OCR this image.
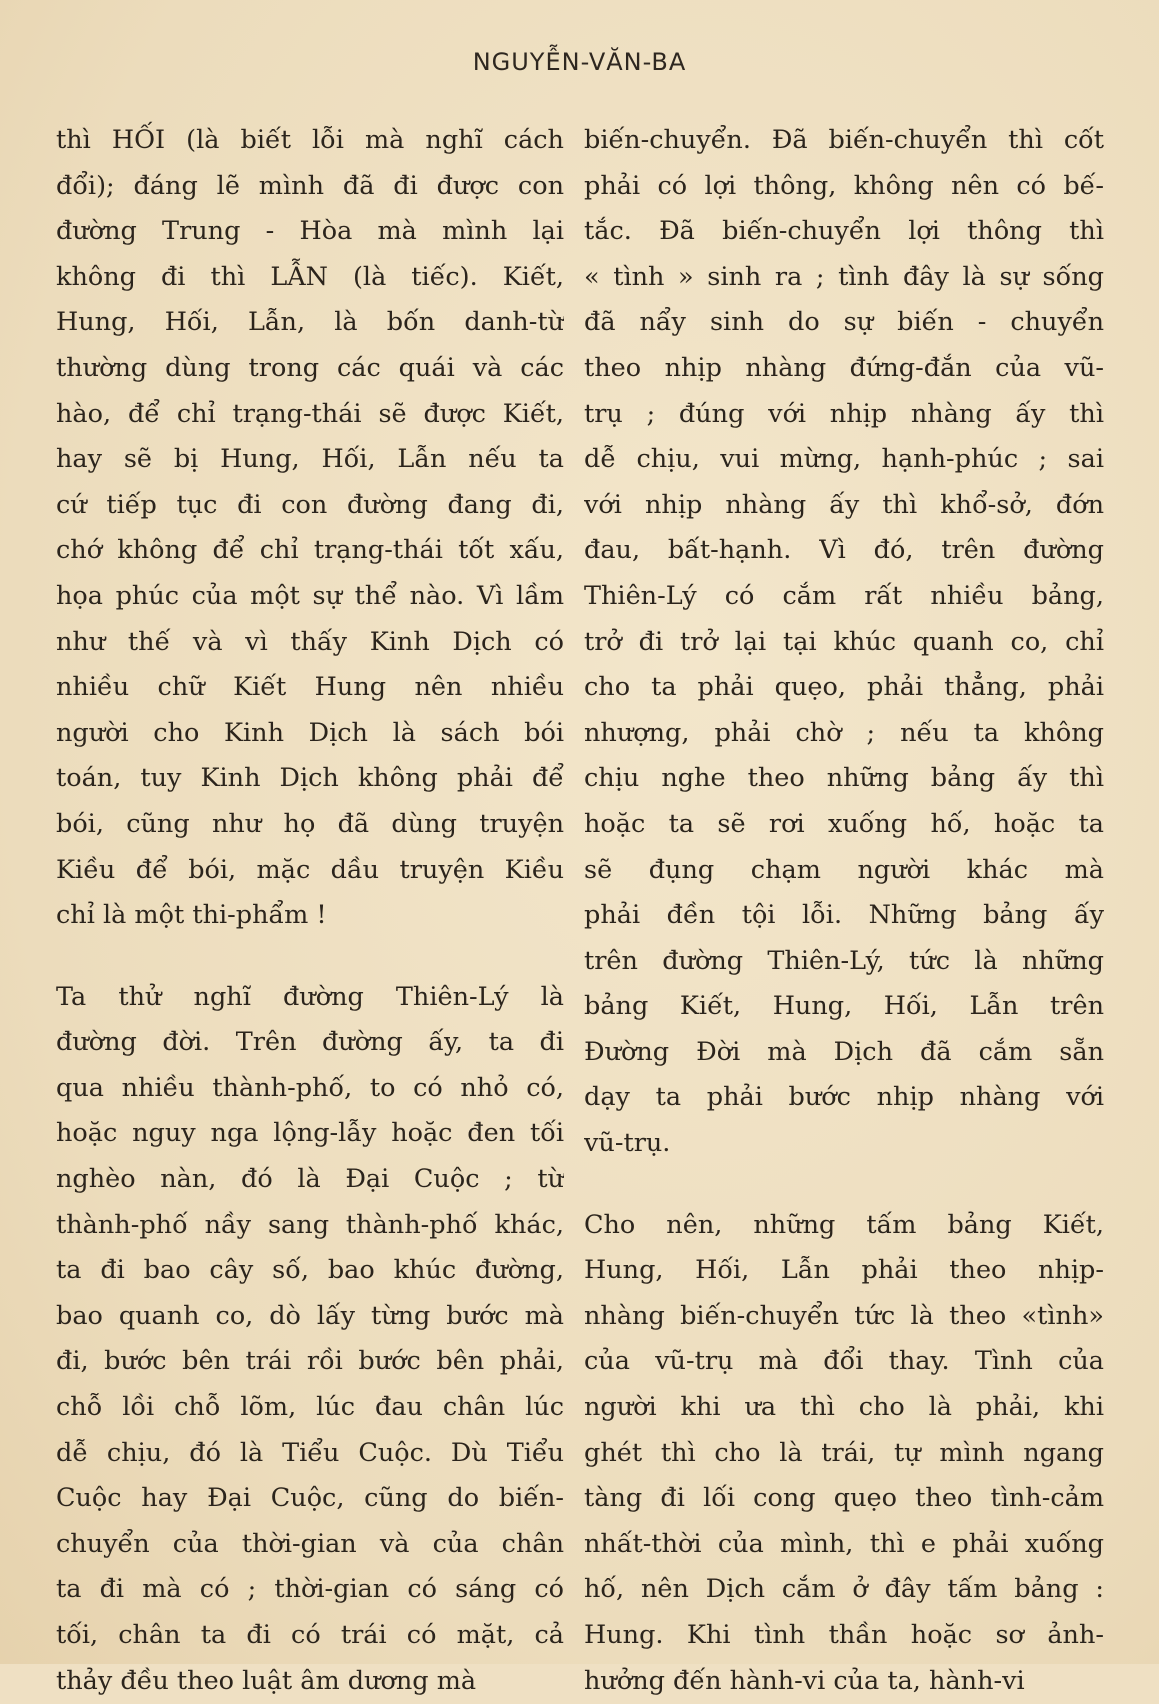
NGUYỄN-VĂN-BA

thì HỐI (là biết lỗi mà nghĩ cách
đổi); đáng lẽ mình đã đi được con
đường Trung - Hòa mà mình lại
không đi thì LẪN (là tiếc). Kiết,
Hung, Hối, Lẫn, là bốn danh-từ
thường dùng trong các quái và các
hào, để chỉ trạng-thái sẽ được Kiết,
hay sẽ bị Hung, Hối, Lẫn nếu ta
cứ tiếp tục đi con đường đang đi,
chớ không để chỉ trạng-thái tốt xấu,
họa phúc của một sự thể nào. Vì lầm
như thế và vì thấy Kinh Dịch có
nhiều chữ Kiết Hung nên nhiều
người cho Kinh Dịch là sách bói
toán, tuy Kinh Dịch không phải để
bói, cũng như họ đã dùng truyện
Kiều để bói, mặc dầu truyện Kiều
chỉ là một thi-phẩm !

Ta thử nghĩ đường Thiên-Lý là
đường đời. Trên đường ấy, ta đi
qua nhiều thành-phố, to có nhỏ có,
hoặc nguy nga lộng-lẫy hoặc đen tối
nghèo nàn, đó là Đại Cuộc ; từ
thành-phố nầy sang thành-phố khác,
ta đi bao cây số, bao khúc đường,
bao quanh co, dò lấy từng bước mà
đi, bước bên trái rồi bước bên phải,
chỗ lồi chỗ lõm, lúc đau chân lúc
dễ chịu, đó là Tiểu Cuộc. Dù Tiểu
Cuộc hay Đại Cuộc, cũng do biến-
chuyển của thời-gian và của chân
ta đi mà có ; thời-gian có sáng có
tối, chân ta đi có trái có mặt, cả
thảy đều theo luật âm dương mà

biến-chuyển. Đã biến-chuyển thì cốt
phải có lợi thông, không nên có bế-
tắc. Đã biến-chuyển lợi thông thì
« tình » sinh ra ; tình đây là sự sống
đã nẩy sinh do sự biến - chuyển
theo nhịp nhàng đứng-đắn của vũ-
trụ ; đúng với nhịp nhàng ấy thì
dễ chịu, vui mừng, hạnh-phúc ; sai
với nhịp nhàng ấy thì khổ-sở, đớn
đau, bất-hạnh. Vì đó, trên đường
Thiên-Lý có cắm rất nhiều bảng,
trở đi trở lại tại khúc quanh co, chỉ
cho ta phải quẹo, phải thẳng, phải
nhượng, phải chờ ; nếu ta không
chịu nghe theo những bảng ấy thì
hoặc ta sẽ rơi xuống hố, hoặc ta
sẽ đụng chạm người khác mà
phải đền tội lỗi. Những bảng ấy
trên đường Thiên-Lý, tức là những
bảng Kiết, Hung, Hối, Lẫn trên
Đường Đời mà Dịch đã cắm sẵn
dạy ta phải bước nhịp nhàng với
vũ-trụ.

Cho nên, những tấm bảng Kiết,
Hung, Hối, Lẫn phải theo nhịp-
nhàng biến-chuyển tức là theo «tình»
của vũ-trụ mà đổi thay. Tình của
người khi ưa thì cho là phải, khi
ghét thì cho là trái, tự mình ngang
tàng đi lối cong quẹo theo tình-cảm
nhất-thời của mình, thì e phải xuống
hố, nên Dịch cắm ở đây tấm bảng :
Hung. Khi tình thần hoặc sơ ảnh-
hưởng đến hành-vi của ta, hành-vi
